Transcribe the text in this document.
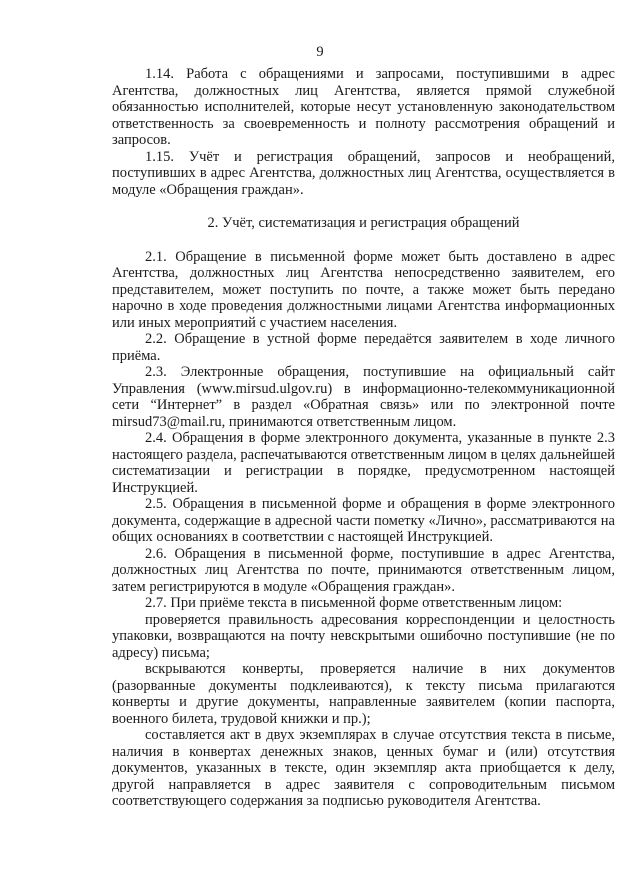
9

1.14. Работа с обращениями и запросами, поступившими в адрес Агентства, должностных лиц Агентства, является прямой служебной обязанностью исполнителей, которые несут установленную законодательством ответственность за своевременность и полноту рассмотрения обращений и запросов.

1.15. Учёт и регистрация обращений, запросов и необращений, поступивших в адрес Агентства, должностных лиц Агентства, осуществляется в модуле «Обращения граждан».

2. Учёт, систематизация и регистрация обращений

2.1. Обращение в письменной форме может быть доставлено в адрес Агентства, должностных лиц Агентства непосредственно заявителем, его представителем, может поступить по почте, а также может быть передано нарочно в ходе проведения должностными лицами Агентства информационных или иных мероприятий с участием населения.

2.2. Обращение в устной форме передаётся заявителем в ходе личного приёма.

2.3. Электронные обращения, поступившие на официальный сайт Управления (www.mirsud.ulgov.ru) в информационно-телекоммуникационной сети “Интернет” в раздел «Обратная связь» или по электронной почте mirsud73@mail.ru, принимаются ответственным лицом.

2.4. Обращения в форме электронного документа, указанные в пункте 2.3 настоящего раздела, распечатываются ответственным лицом в целях дальнейшей систематизации и регистрации в порядке, предусмотренном настоящей Инструкцией.

2.5. Обращения в письменной форме и обращения в форме электронного документа, содержащие в адресной части пометку «Лично», рассматриваются на общих основаниях в соответствии с настоящей Инструкцией.

2.6. Обращения в письменной форме, поступившие в адрес Агентства, должностных лиц Агентства по почте, принимаются ответственным лицом, затем регистрируются в модуле «Обращения граждан».

2.7. При приёме текста в письменной форме ответственным лицом:

проверяется правильность адресования корреспонденции и целостность упаковки, возвращаются на почту невскрытыми ошибочно поступившие (не по адресу) письма;

вскрываются конверты, проверяется наличие в них документов (разорванные документы подклеиваются), к тексту письма прилагаются конверты и другие документы, направленные заявителем (копии паспорта, военного билета, трудовой книжки и пр.);

составляется акт в двух экземплярах в случае отсутствия текста в письме, наличия в конвертах денежных знаков, ценных бумаг и (или) отсутствия документов, указанных в тексте, один экземпляр акта приобщается к делу, другой направляется в адрес заявителя с сопроводительным письмом соответствующего содержания за подписью руководителя Агентства.
